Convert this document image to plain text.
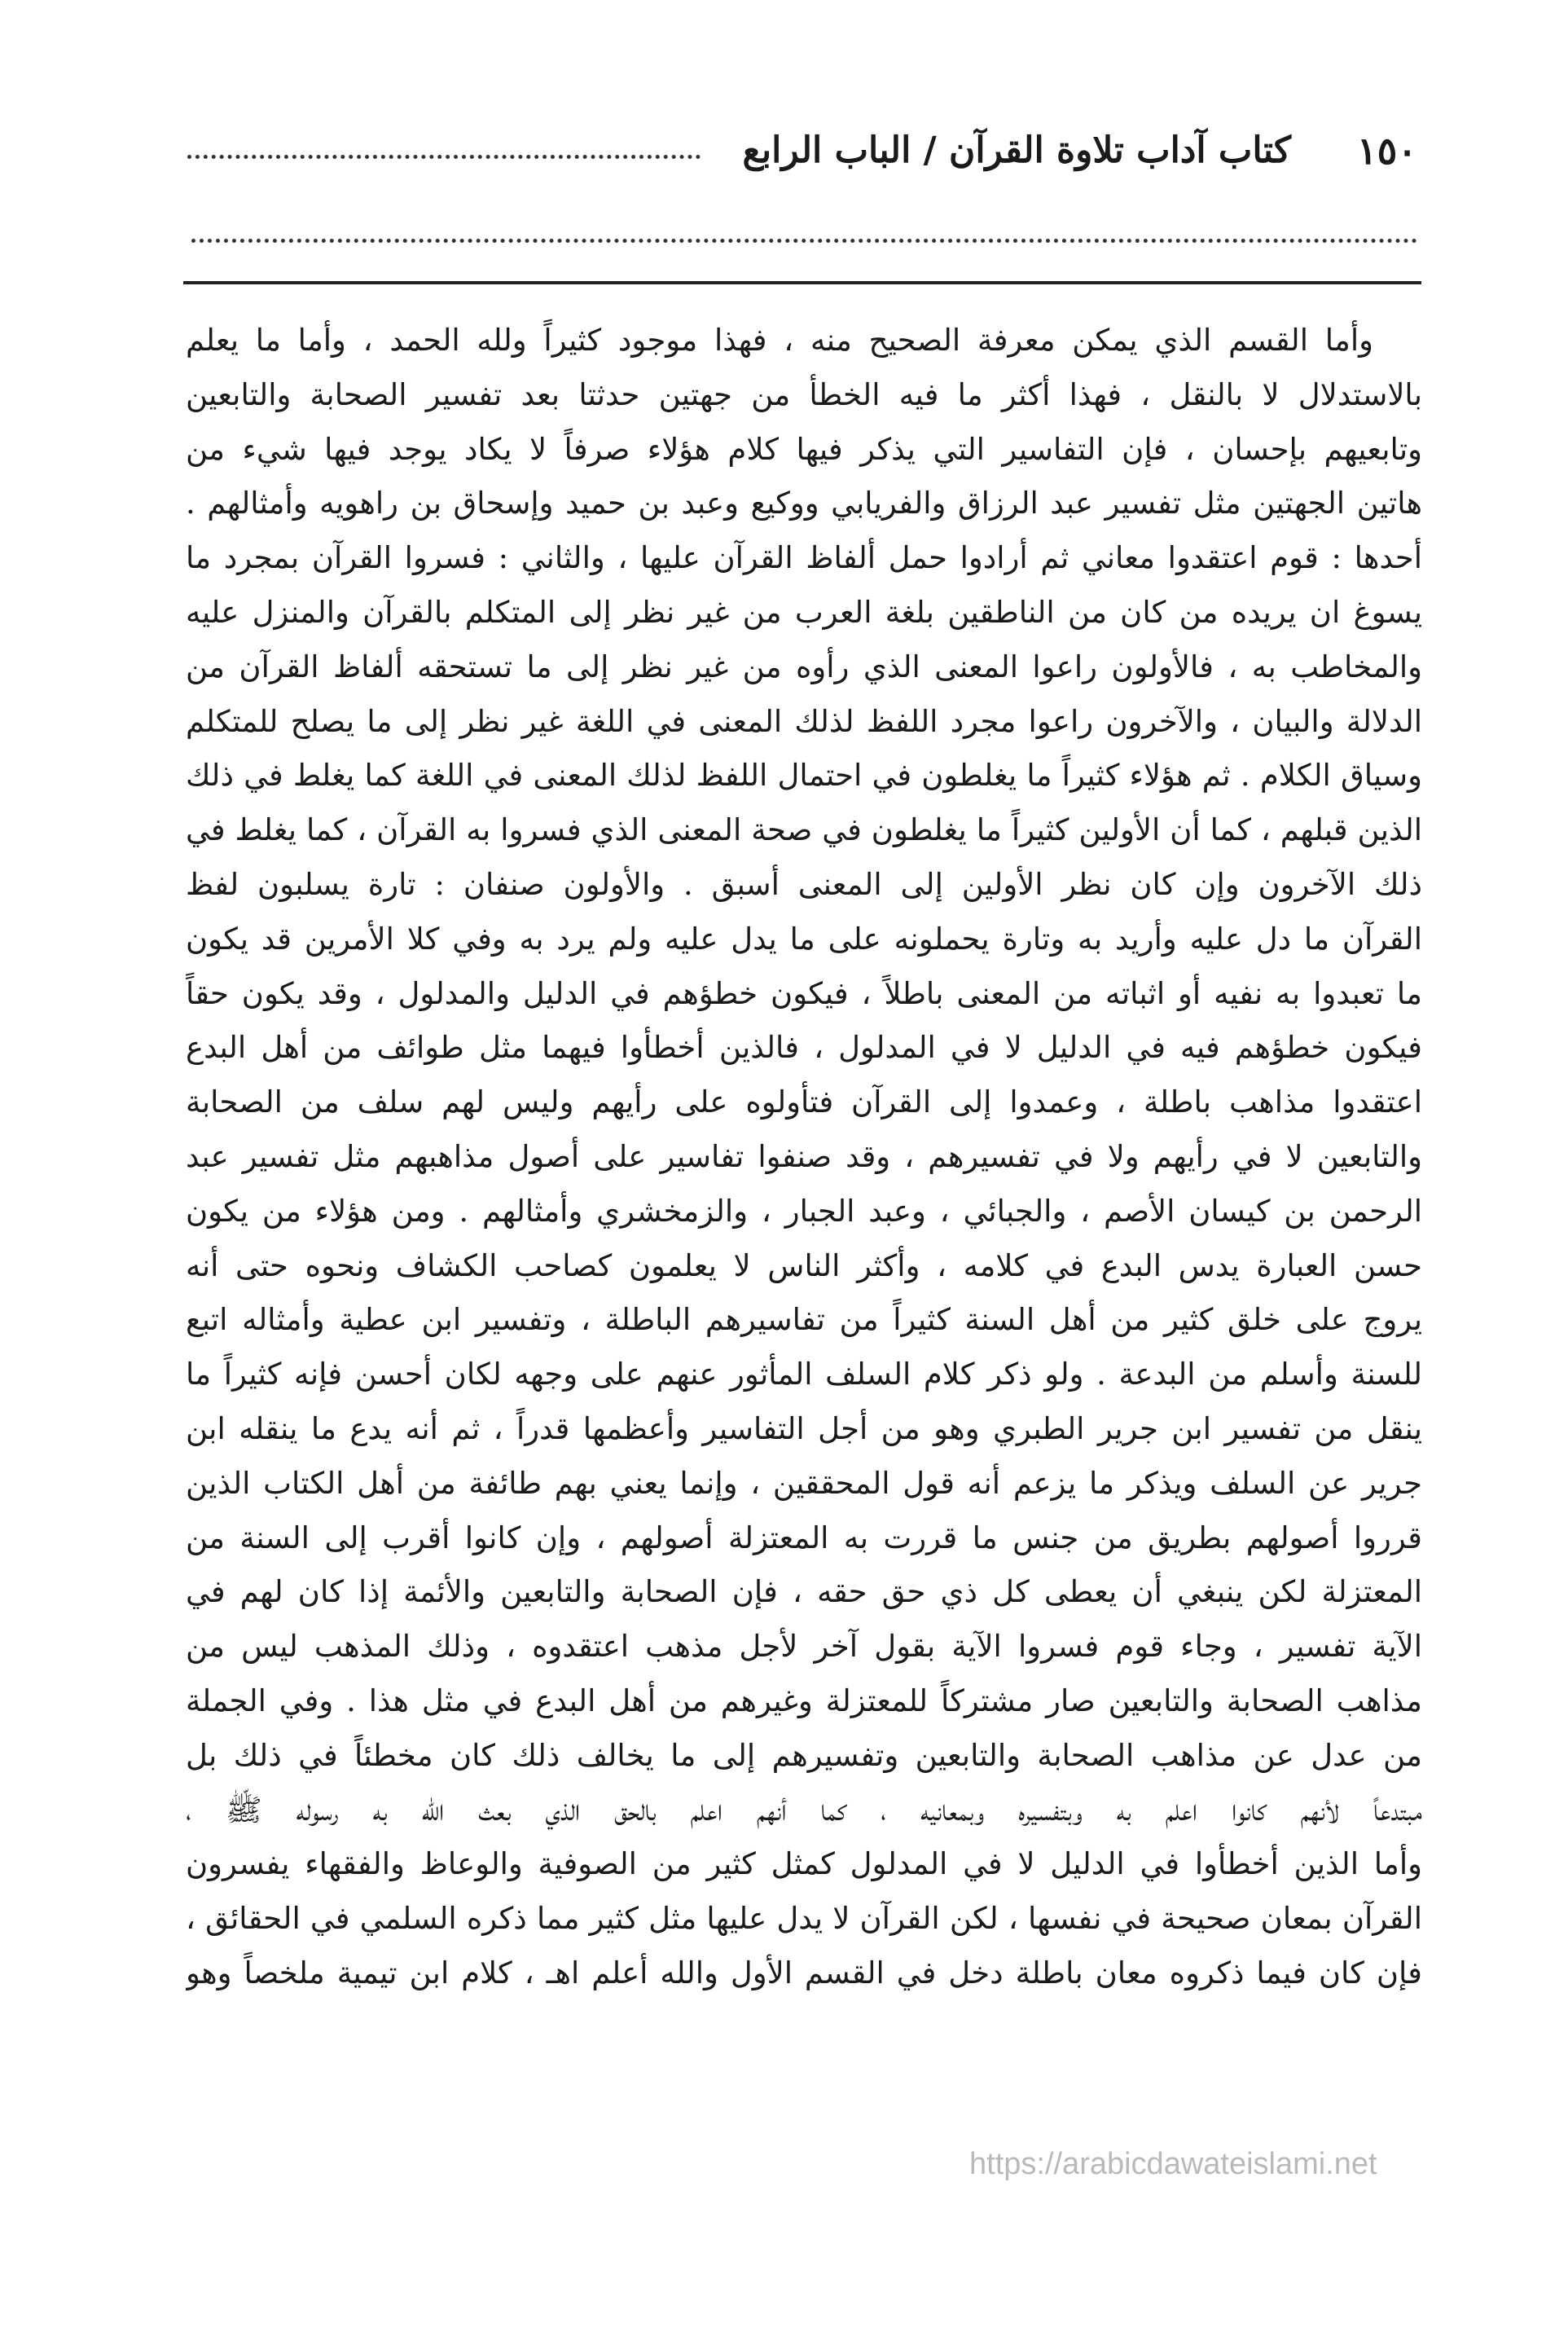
١٥٠
كتاب آداب تلاوة القرآن / الباب الرابع
وأما القسم الذي يمكن معرفة الصحيح منه ، فهذا موجود كثيراً ولله الحمد ، وأما ما يعلم
بالاستدلال لا بالنقل ، فهذا أكثر ما فيه الخطأ من جهتين حدثتا بعد تفسير الصحابة والتابعين
وتابعيهم بإحسان ، فإن التفاسير التي يذكر فيها كلام هؤلاء صرفاً لا يكاد يوجد فيها شيء من
هاتين الجهتين مثل تفسير عبد الرزاق والفريابي ووكيع وعبد بن حميد وإسحاق بن راهويه وأمثالهم .
أحدها : قوم اعتقدوا معاني ثم أرادوا حمل ألفاظ القرآن عليها ، والثاني : فسروا القرآن بمجرد ما
يسوغ ان يريده من كان من الناطقين بلغة العرب من غير نظر إلى المتكلم بالقرآن والمنزل عليه
والمخاطب به ، فالأولون راعوا المعنى الذي رأوه من غير نظر إلى ما تستحقه ألفاظ القرآن من
الدلالة والبيان ، والآخرون راعوا مجرد اللفظ لذلك المعنى في اللغة غير نظر إلى ما يصلح للمتكلم
وسياق الكلام . ثم هؤلاء كثيراً ما يغلطون في احتمال اللفظ لذلك المعنى في اللغة كما يغلط في ذلك
الذين قبلهم ، كما أن الأولين كثيراً ما يغلطون في صحة المعنى الذي فسروا به القرآن ، كما يغلط في
ذلك الآخرون وإن كان نظر الأولين إلى المعنى أسبق . والأولون صنفان : تارة يسلبون لفظ
القرآن ما دل عليه وأريد به وتارة يحملونه على ما يدل عليه ولم يرد به وفي كلا الأمرين قد يكون
ما تعبدوا به نفيه أو اثباته من المعنى باطلاً ، فيكون خطؤهم في الدليل والمدلول ، وقد يكون حقاً
فيكون خطؤهم فيه في الدليل لا في المدلول ، فالذين أخطأوا فيهما مثل طوائف من أهل البدع
اعتقدوا مذاهب باطلة ، وعمدوا إلى القرآن فتأولوه على رأيهم وليس لهم سلف من الصحابة
والتابعين لا في رأيهم ولا في تفسيرهم ، وقد صنفوا تفاسير على أصول مذاهبهم مثل تفسير عبد
الرحمن بن كيسان الأصم ، والجبائي ، وعبد الجبار ، والزمخشري وأمثالهم . ومن هؤلاء من يكون
حسن العبارة يدس البدع في كلامه ، وأكثر الناس لا يعلمون كصاحب الكشاف ونحوه حتى أنه
يروج على خلق كثير من أهل السنة كثيراً من تفاسيرهم الباطلة ، وتفسير ابن عطية وأمثاله اتبع
للسنة وأسلم من البدعة . ولو ذكر كلام السلف المأثور عنهم على وجهه لكان أحسن فإنه كثيراً ما
ينقل من تفسير ابن جرير الطبري وهو من أجل التفاسير وأعظمها قدراً ، ثم أنه يدع ما ينقله ابن
جرير عن السلف ويذكر ما يزعم أنه قول المحققين ، وإنما يعني بهم طائفة من أهل الكتاب الذين
قرروا أصولهم بطريق من جنس ما قررت به المعتزلة أصولهم ، وإن كانوا أقرب إلى السنة من
المعتزلة لكن ينبغي أن يعطى كل ذي حق حقه ، فإن الصحابة والتابعين والأئمة إذا كان لهم في
الآية تفسير ، وجاء قوم فسروا الآية بقول آخر لأجل مذهب اعتقدوه ، وذلك المذهب ليس من
مذاهب الصحابة والتابعين صار مشتركاً للمعتزلة وغيرهم من أهل البدع في مثل هذا . وفي الجملة
من عدل عن مذاهب الصحابة والتابعين وتفسيرهم إلى ما يخالف ذلك كان مخطئاً في ذلك بل
مبتدعاً لأنهم كانوا اعلم به وبتفسيره وبمعانيه ، كما أنهم اعلم بالحق الذي بعث الله به رسوله ﷺ ،
وأما الذين أخطأوا في الدليل لا في المدلول كمثل كثير من الصوفية والوعاظ والفقهاء يفسرون
القرآن بمعان صحيحة في نفسها ، لكن القرآن لا يدل عليها مثل كثير مما ذكره السلمي في الحقائق ،
فإن كان فيما ذكروه معان باطلة دخل في القسم الأول والله أعلم اهـ ، كلام ابن تيمية ملخصاً وهو
https://arabicdawateislami.net
